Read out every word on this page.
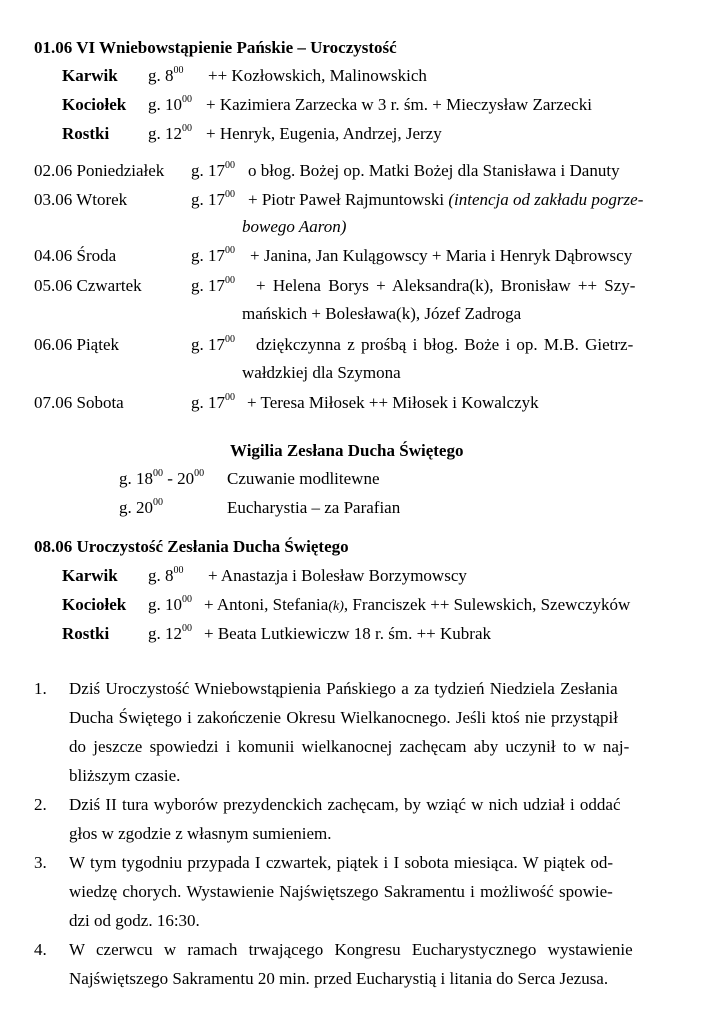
01.06 VI Wniebowstąpienie Pańskie – Uroczystość
Karwik g. $8^{00}$ ++ Kozłowskich, Malinowskich
Kociołek g. $10^{00}$ + Kazimiera Zarzecka w 3 r. śm. + Mieczysław Zarzecki
Rostki g. $12^{00}$ + Henryk, Eugenia, Andrzej, Jerzy
02.06 Poniedziałek g. $17^{00}$ o błog. Bożej op. Matki Bożej dla Stanisława i Danuty
03.06 Wtorek	g. $17^{00}$ + Piotr Paweł Rajmuntowski (intencja od zakładu pogrze-
bowego Aaron)
04.06 Środa	g. $17^{00}$ + Janina, Jan Kulągowscy + Maria i Henryk Dąbrowscy
05.06 Czwartek	g. $17^{00}$ + Helena Borys + Aleksandra(k), Bronisław ++ Szy-
mańskich + Bolesława(k), Józef Zadroga
06.06 Piątek	g. $17^{00}$ dziękczynna z prośbą i błog. Boże i op. M.B. Gietrz-
wałdzkiej dla Szymona
07.06 Sobota	g. $17^{00}$ + Teresa Miłosek ++ Miłosek i Kowalczyk
Wigilia Zesłana Ducha Świętego
g. $18^{00} - 20^{00}$ Czuwanie modlitewne
g. $20^{00}$	Eucharystia – za Parafian
08.06 Uroczystość Zesłania Ducha Świętego
Karwik g. $8^{00}$ + Anastazja i Bolesław Borzymowscy
Kociołek g. $10^{00}$ + Antoni, Stefania(k), Franciszek ++ Sulewskich, Szewczyków
Rostki g. $12^{00}$ + Beata Lutkiewiczw 18 r. śm. ++ Kubrak
1. Dziś Uroczystość Wniebowstąpienia Pańskiego a za tydzień Niedziela Zesłania
Ducha Świętego i zakończenie Okresu Wielkanocnego. Jeśli ktoś nie przystąpił
do jeszcze spowiedzi i komunii wielkanocnej zachęcam aby uczynił to w naj-
bliższym czasie.
2. Dziś II tura wyborów prezydenckich zachęcam, by wziąć w nich udział i oddać
głos w zgodzie z własnym sumieniem.
3. W tym tygodniu przypada I czwartek, piątek i I sobota miesiąca. W piątek od-
wiedzę chorych. Wystawienie Najświętszego Sakramentu i możliwość spowie-
dzi od godz. 16:30.
4. W czerwcu w ramach trwającego Kongresu Eucharystycznego wystawienie
Najświętszego Sakramentu 20 min. przed Eucharystią i litania do Serca Jezusa.
